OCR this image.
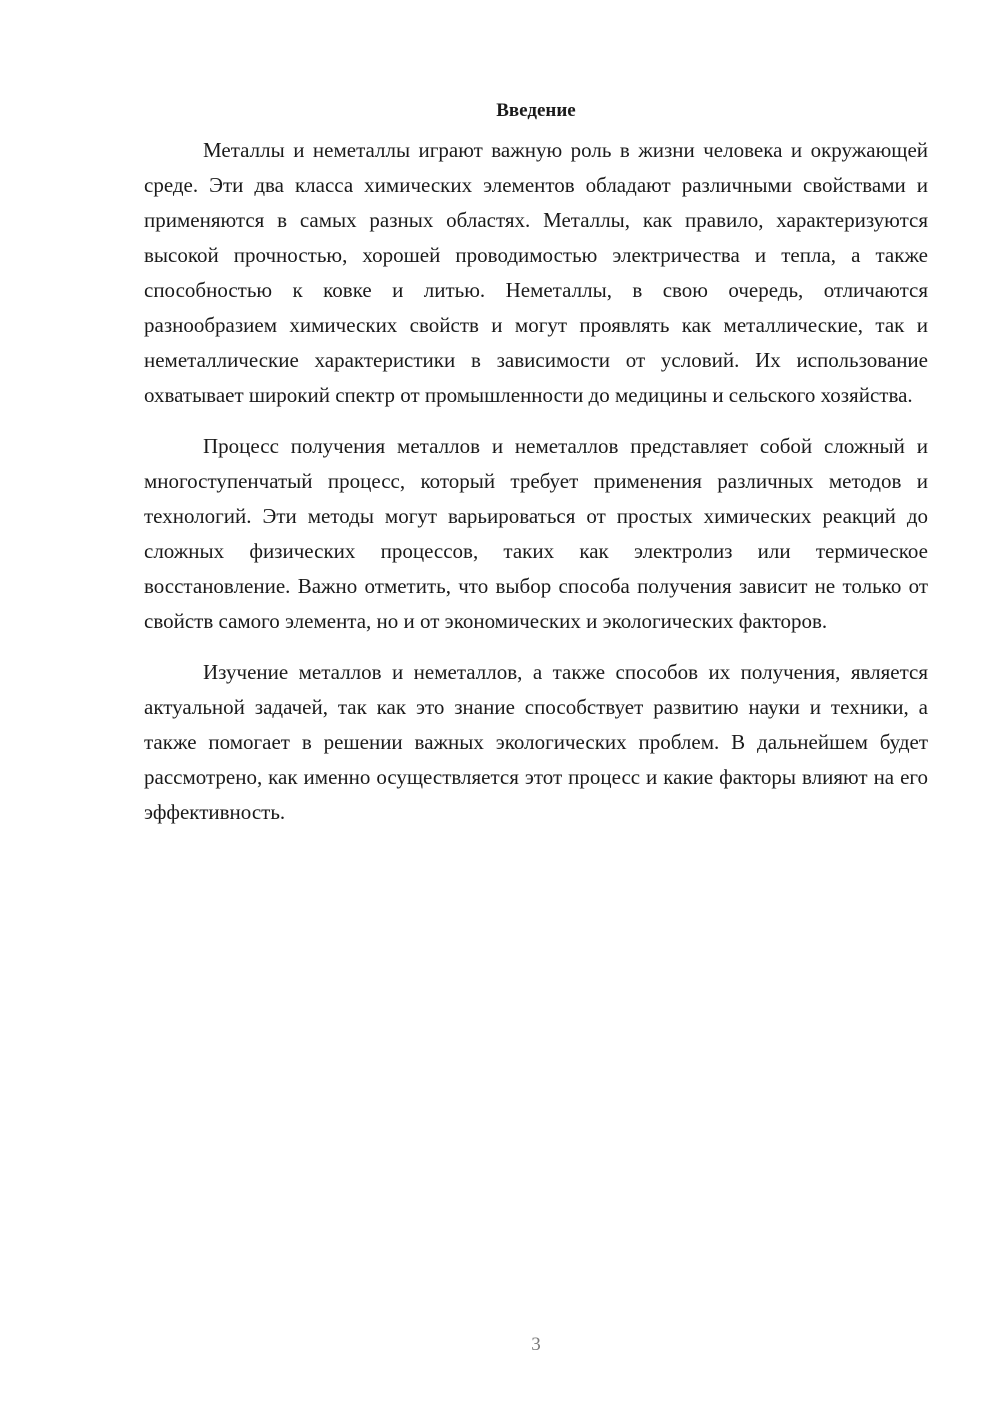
Введение

Металлы и неметаллы играют важную роль в жизни человека и окружающей среде. Эти два класса химических элементов обладают различными свойствами и применяются в самых разных областях. Металлы, как правило, характеризуются высокой прочностью, хорошей проводимостью электричества и тепла, а также способностью к ковке и литью. Неметаллы, в свою очередь, отличаются разнообразием химических свойств и могут проявлять как металлические, так и неметаллические характеристики в зависимости от условий. Их использование охватывает широкий спектр от промышленности до медицины и сельского хозяйства.

Процесс получения металлов и неметаллов представляет собой сложный и многоступенчатый процесс, который требует применения различных методов и технологий. Эти методы могут варьироваться от простых химических реакций до сложных физических процессов, таких как электролиз или термическое восстановление. Важно отметить, что выбор способа получения зависит не только от свойств самого элемента, но и от экономических и экологических факторов.

Изучение металлов и неметаллов, а также способов их получения, является актуальной задачей, так как это знание способствует развитию науки и техники, а также помогает в решении важных экологических проблем. В дальнейшем будет рассмотрено, как именно осуществляется этот процесс и какие факторы влияют на его эффективность.

3
